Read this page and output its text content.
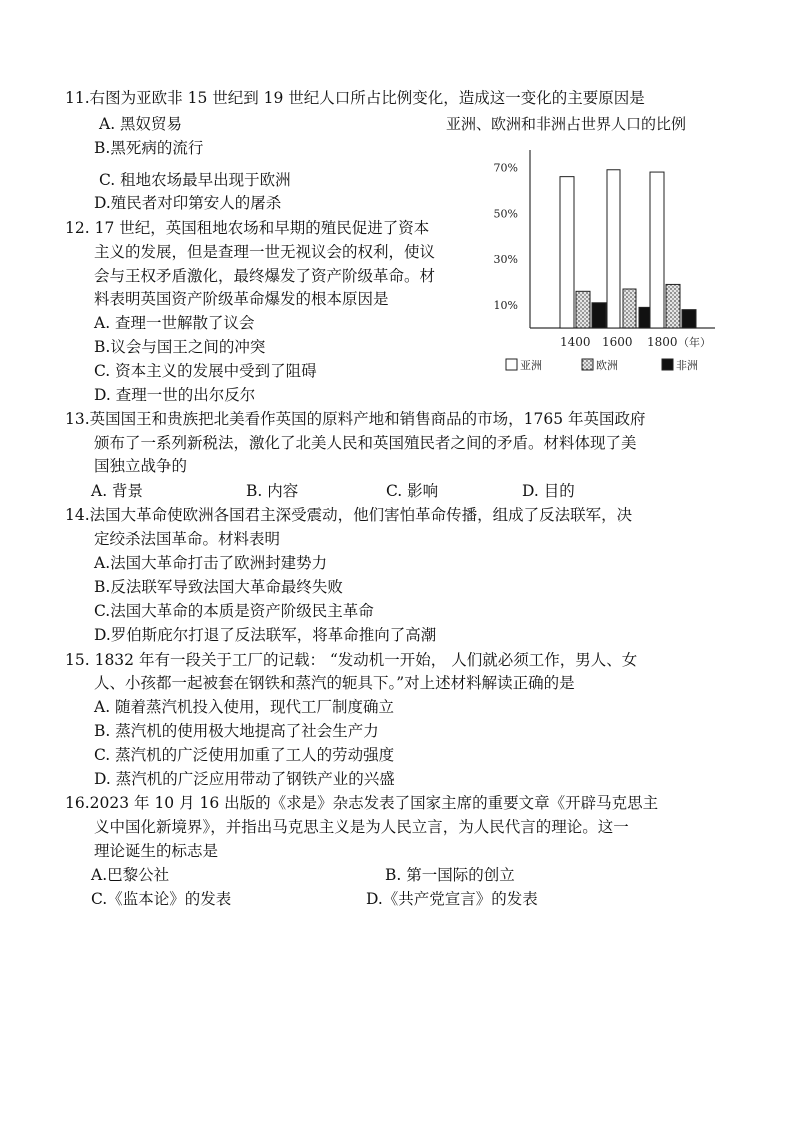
11.右图为亚欧非 15 世纪到 19 世纪人口所占比例变化，造成这一变化的主要原因是
A. 黑奴贸易
B.黑死病的流行
C. 租地农场最早出现于欧洲
D.殖民者对印第安人的屠杀
亚洲、欧洲和非洲占世界人口的比例
70%
50%
30%
10%
1400 1600 1800 （年）
亚洲	欧洲	非洲
12. 17 世纪，英国租地农场和早期的殖民促进了资本
主义的发展，但是查理一世无视议会的权利，使议
会与王权矛盾激化，最终爆发了资产阶级革命。材
料表明英国资产阶级革命爆发的根本原因是
A. 查理一世解散了议会
B.议会与国王之间的冲突
C. 资本主义的发展中受到了阻碍
D. 查理一世的出尔反尔
13.英国国王和贵族把北美看作英国的原料产地和销售商品的市场，1765 年英国政府
颁布了一系列新税法，激化了北美人民和英国殖民者之间的矛盾。材料体现了美
国独立战争的
A. 背景	B. 内容	C. 影响	D. 目的
14.法国大革命使欧洲各国君主深受震动，他们害怕革命传播，组成了反法联军，决
定绞杀法国革命。材料表明
A.法国大革命打击了欧洲封建势力
B.反法联军导致法国大革命最终失败
C.法国大革命的本质是资产阶级民主革命
D.罗伯斯庇尔打退了反法联军，将革命推向了高潮
15. 1832 年有一段关于工厂的记载： “发动机一开始， 人们就必须工作，男人、女
人、小孩都一起被套在钢铁和蒸汽的轭具下。”对上述材料解读正确的是
A. 随着蒸汽机投入使用，现代工厂制度确立
B. 蒸汽机的使用极大地提高了社会生产力
C. 蒸汽机的广泛使用加重了工人的劳动强度
D. 蒸汽机的广泛应用带动了钢铁产业的兴盛
16.2023 年 10 月 16 出版的《求是》杂志发表了国家主席的重要文章《开辟马克思主
义中国化新境界》，并指出马克思主义是为人民立言，为人民代言的理论。这一
理论诞生的标志是
A.巴黎公社	B. 第一国际的创立
C.《监本论》的发表	D.《共产党宣言》的发表
